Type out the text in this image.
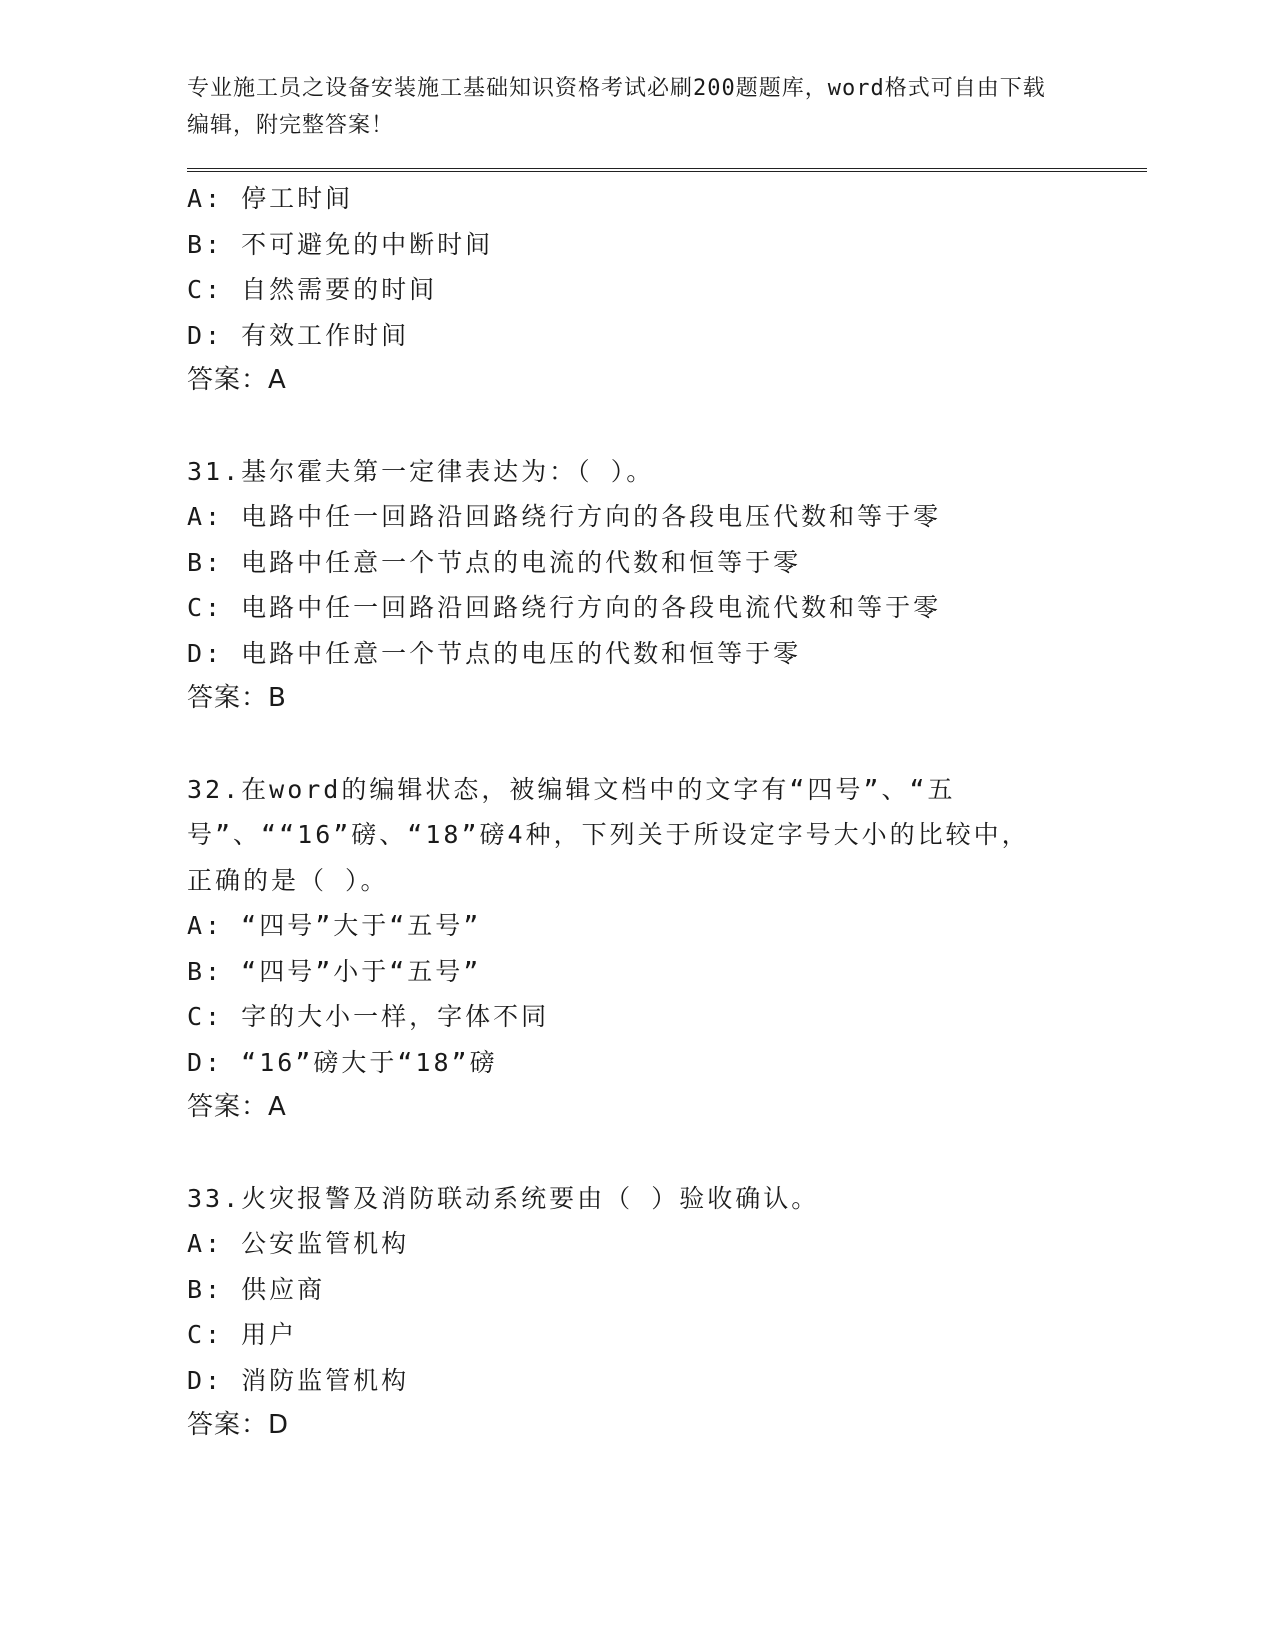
专业施工员之设备安装施工基础知识资格考试必刷200题题库，word格式可自由下载编辑，附完整答案！
A: 停工时间
B: 不可避免的中断时间
C: 自然需要的时间
D: 有效工作时间
答案：A
31.基尔霍夫第一定律表达为：（ ）。
A: 电路中任一回路沿回路绕行方向的各段电压代数和等于零
B: 电路中任意一个节点的电流的代数和恒等于零
C: 电路中任一回路沿回路绕行方向的各段电流代数和等于零
D: 电路中任意一个节点的电压的代数和恒等于零
答案：B
32.在word的编辑状态，被编辑文档中的文字有“四号”、“五号”、““16”磅、“18”磅4种，下列关于所设定字号大小的比较中，正确的是（ ）。
A: “四号”大于“五号”
B: “四号”小于“五号”
C: 字的大小一样，字体不同
D: “16”磅大于“18”磅
答案：A
33.火灾报警及消防联动系统要由（ ）验收确认。
A: 公安监管机构
B: 供应商
C: 用户
D: 消防监管机构
答案：D
